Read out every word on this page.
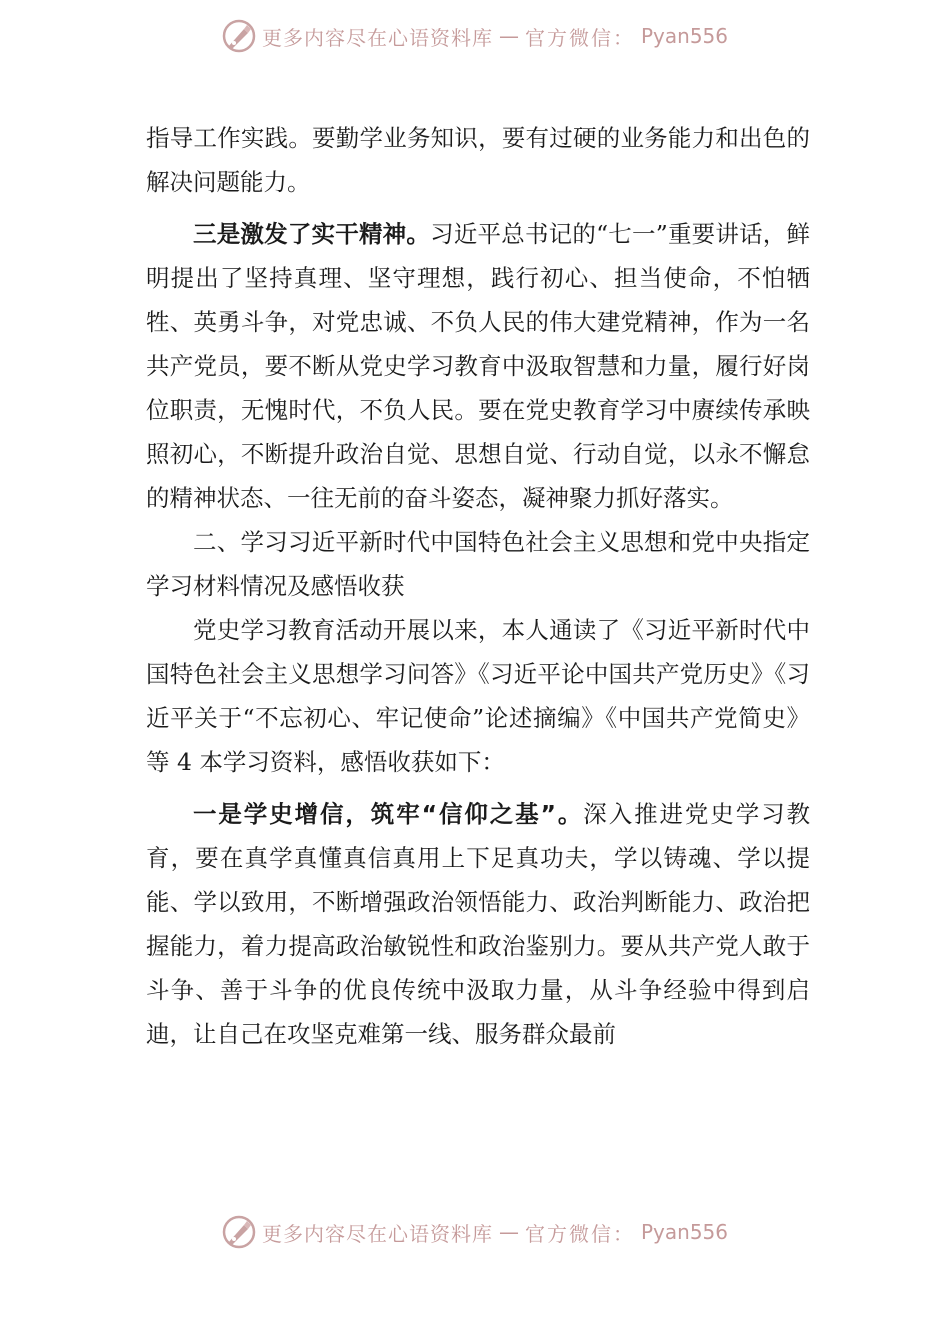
更多内容尽在心语资料库 — 官方微信： Pyan556

指导工作实践。要勤学业务知识，要有过硬的业务能力和出色的解决问题能力。

三是激发了实干精神。习近平总书记的“七一”重要讲话，鲜明提出了坚持真理、坚守理想，践行初心、担当使命，不怕牺牲、英勇斗争，对党忠诚、不负人民的伟大建党精神，作为一名共产党员，要不断从党史学习教育中汲取智慧和力量，履行好岗位职责，无愧时代，不负人民。要在党史教育学习中赓续传承映照初心，不断提升政治自觉、思想自觉、行动自觉，以永不懈怠的精神状态、一往无前的奋斗姿态，凝神聚力抓好落实。

二、学习习近平新时代中国特色社会主义思想和党中央指定学习材料情况及感悟收获

党史学习教育活动开展以来，本人通读了《习近平新时代中国特色社会主义思想学习问答》《习近平论中国共产党历史》《习近平关于“不忘初心、牢记使命”论述摘编》《中国共产党简史》等 4 本学习资料，感悟收获如下：

一是学史增信，筑牢“信仰之基”。深入推进党史学习教育，要在真学真懂真信真用上下足真功夫，学以铸魂、学以提能、学以致用，不断增强政治领悟能力、政治判断能力、政治把握能力，着力提高政治敏锐性和政治鉴别力。要从共产党人敢于斗争、善于斗争的优良传统中汲取力量，从斗争经验中得到启迪，让自己在攻坚克难第一线、服务群众最前

更多内容尽在心语资料库 — 官方微信： Pyan556
